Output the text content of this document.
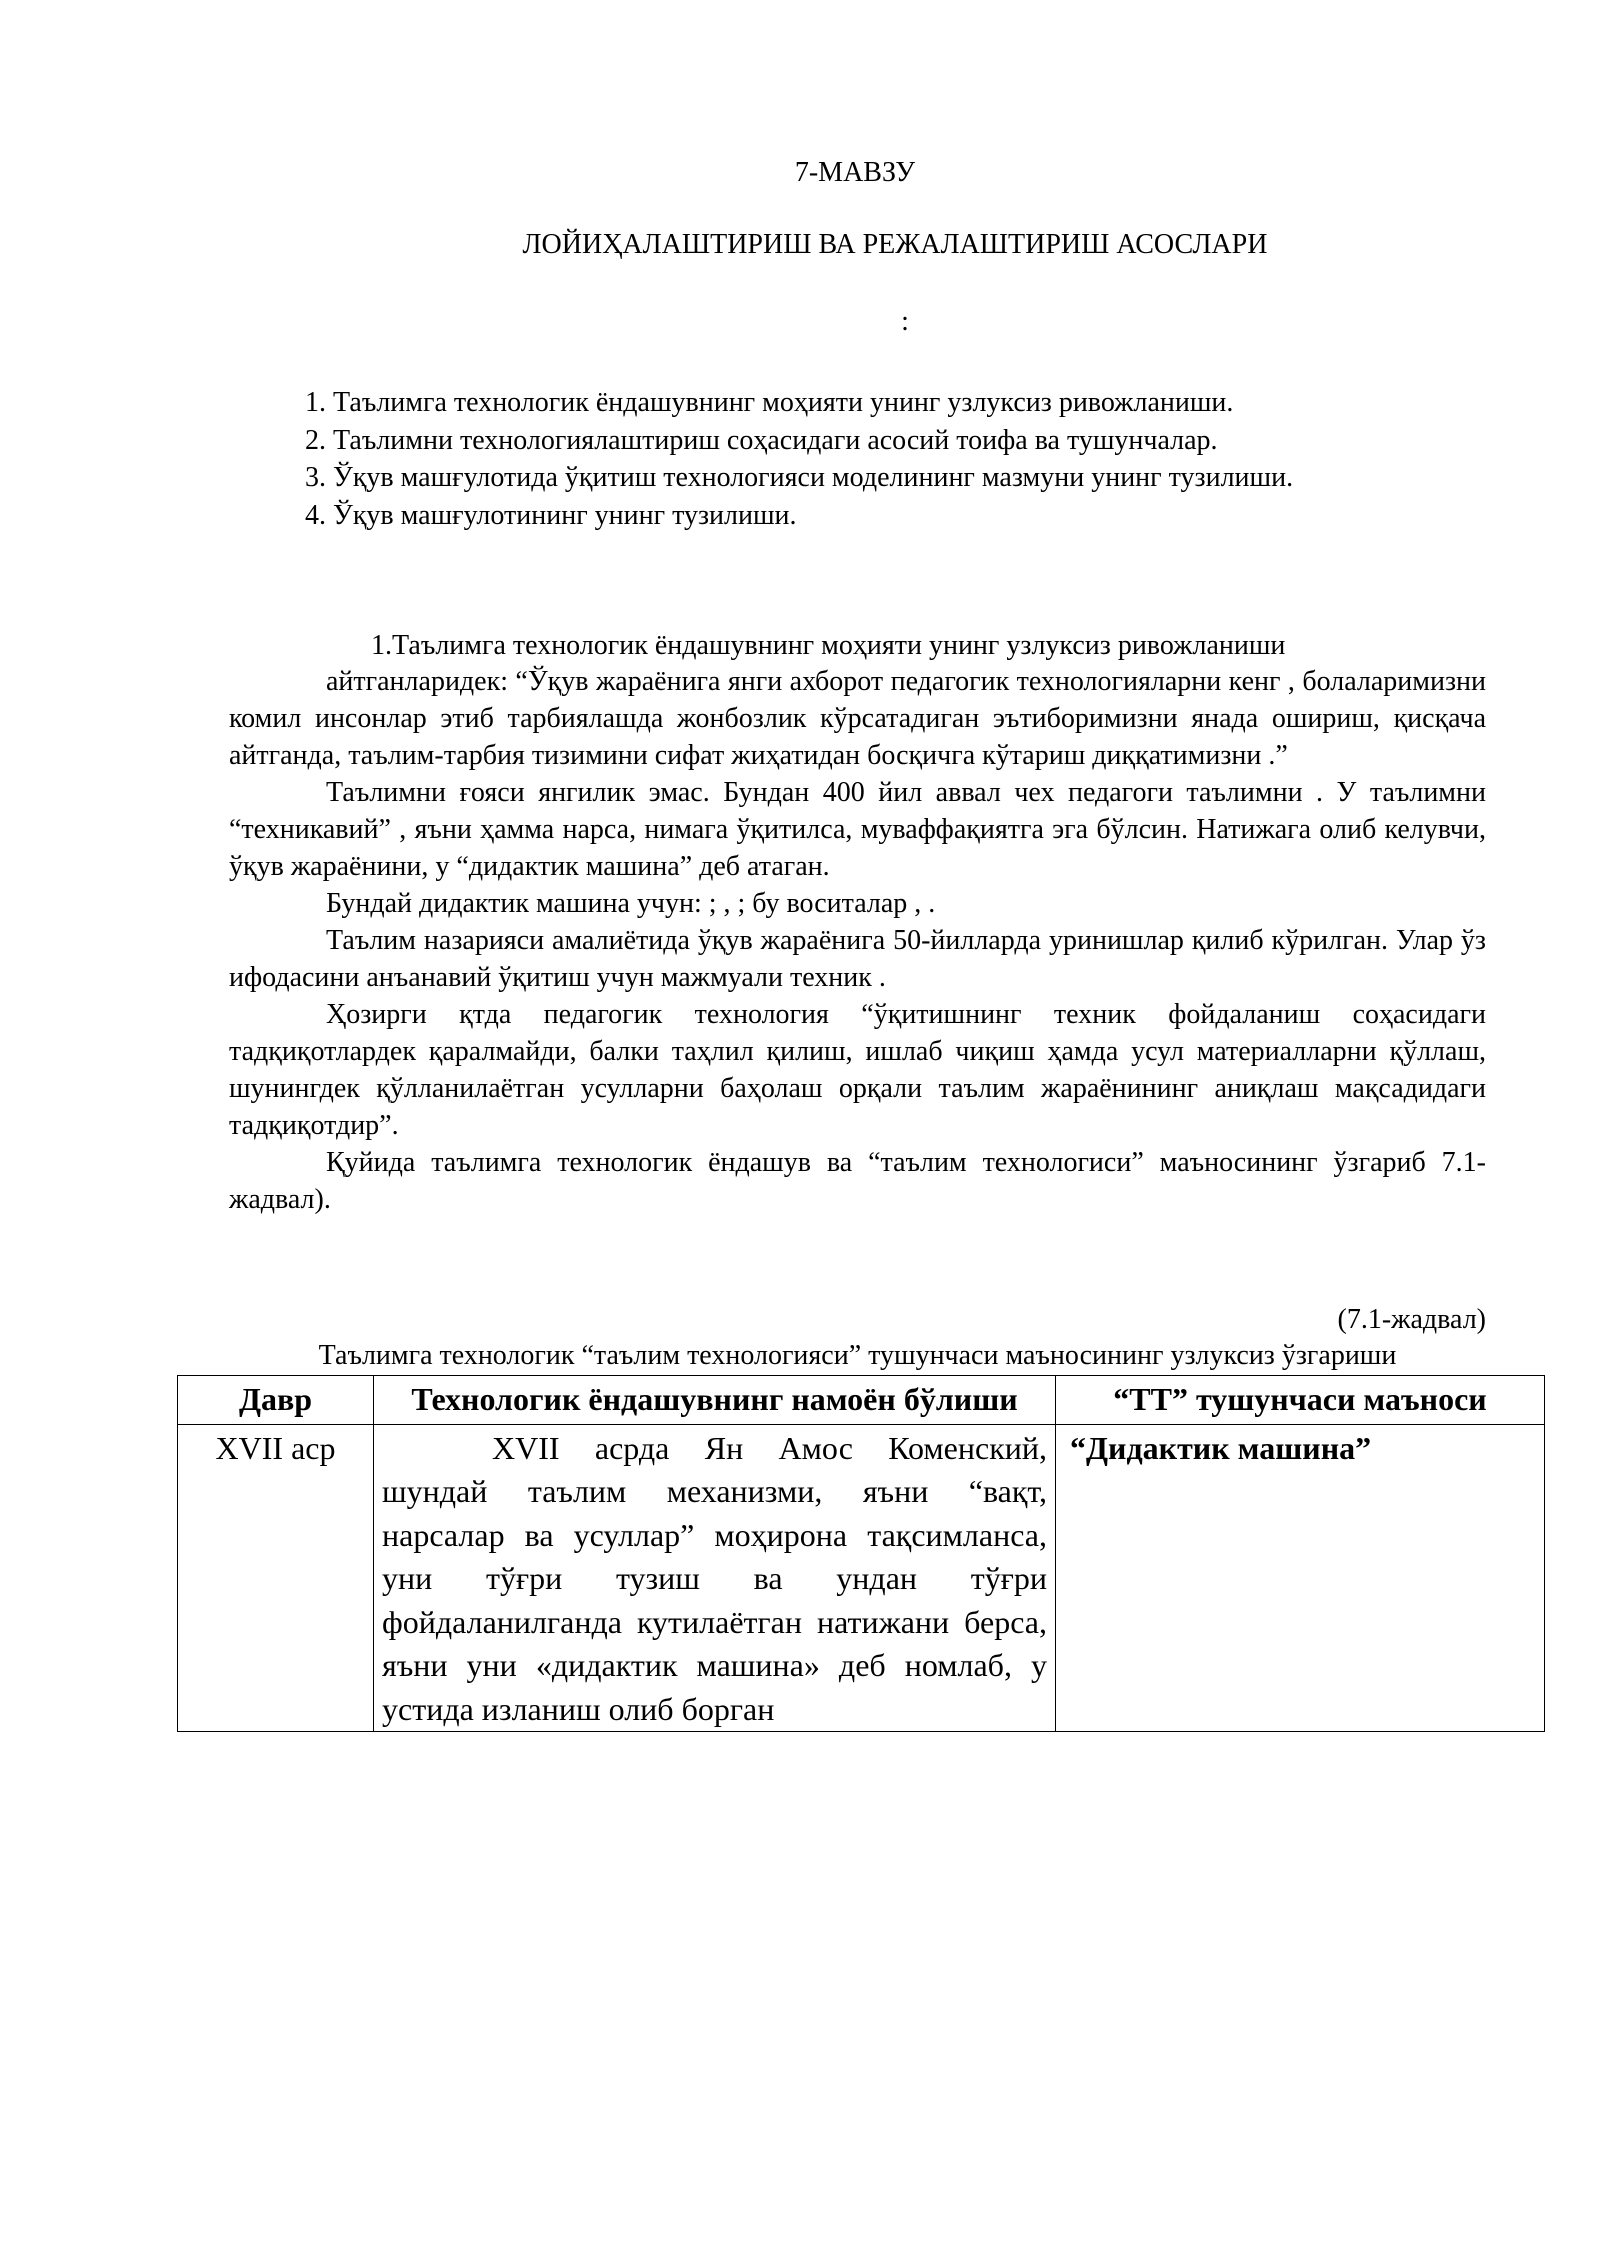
7-МАВЗУ
ЛОЙИҲАЛАШТИРИШ ВА РЕЖАЛАШТИРИШ АСОСЛАРИ
:
1. Таълимга технологик ёндашувнинг моҳияти унинг узлуксиз ривожланиши.
2. Таълимни технологиялаштириш соҳасидаги асосий тоифа ва тушунчалар.
3. Ўқув машғулотида ўқитиш технологияси моделининг мазмуни унинг тузилиши.
4. Ўқув машғулотининг унинг тузилиши.
1.Таълимга технологик ёндашувнинг моҳияти унинг узлуксиз ривожланиши

айтганларидек: “Ўқув жараёнига янги ахборот педагогик технологияларни кенг , болаларимизни комил инсонлар этиб тарбиялашда жонбозлик кўрсатадиган эътиборимизни янада ошириш, қисқача айтганда, таълим-тарбия тизимини сифат жиҳатидан босқичга кўтариш диққатимизни .”

Таълимни ғояси янгилик эмас. Бундан 400 йил аввал чех педагоги таълимни . У таълимни “техникавий” , яъни ҳамма нарса, нимага ўқитилса, муваффақиятга эга бўлсин. Натижага олиб келувчи, ўқув жараёнини, у “дидактик машина” деб атаган.

Бундай дидактик машина учун: ; , ; бу воситалар , .

Таълим назарияси амалиётида ўқув жараёнига 50-йилларда уринишлар қилиб кўрилган. Улар ўз ифодасини анъанавий ўқитиш учун мажмуали техник .

Ҳозирги қтда педагогик технология “ўқитишнинг техник фойдаланиш соҳасидаги тадқиқотлардек қаралмайди, балки таҳлил қилиш, ишлаб чиқиш ҳамда усул материалларни қўллаш, шунингдек қўлланилаётган усулларни баҳолаш орқали таълим жараёнининг аниқлаш мақсадидаги тадқиқотдир”.

Қуйида таълимга технологик ёндашув ва “таълим технологиси” маъносининг ўзгариб 7.1-жадвал).

(7.1-жадвал)
Таълимга технологик “таълим технологияси” тушунчаси маъносининг узлуксиз ўзгариши
Давр	Технологик ёндашувнинг намоён бўлиши	“ТТ” тушунчаси маъноси
XVII аср	XVII асрда Ян Амос Коменский, шундай таълим механизми, яъни “вақт, нарсалар ва усуллар” моҳирона тақсимланса, уни тўғри тузиш ва ундан тўғри фойдаланилганда кутилаётган натижани берса, яъни уни «дидактик машина» деб номлаб, у устида изланиш олиб борган	“Дидактик машина”
